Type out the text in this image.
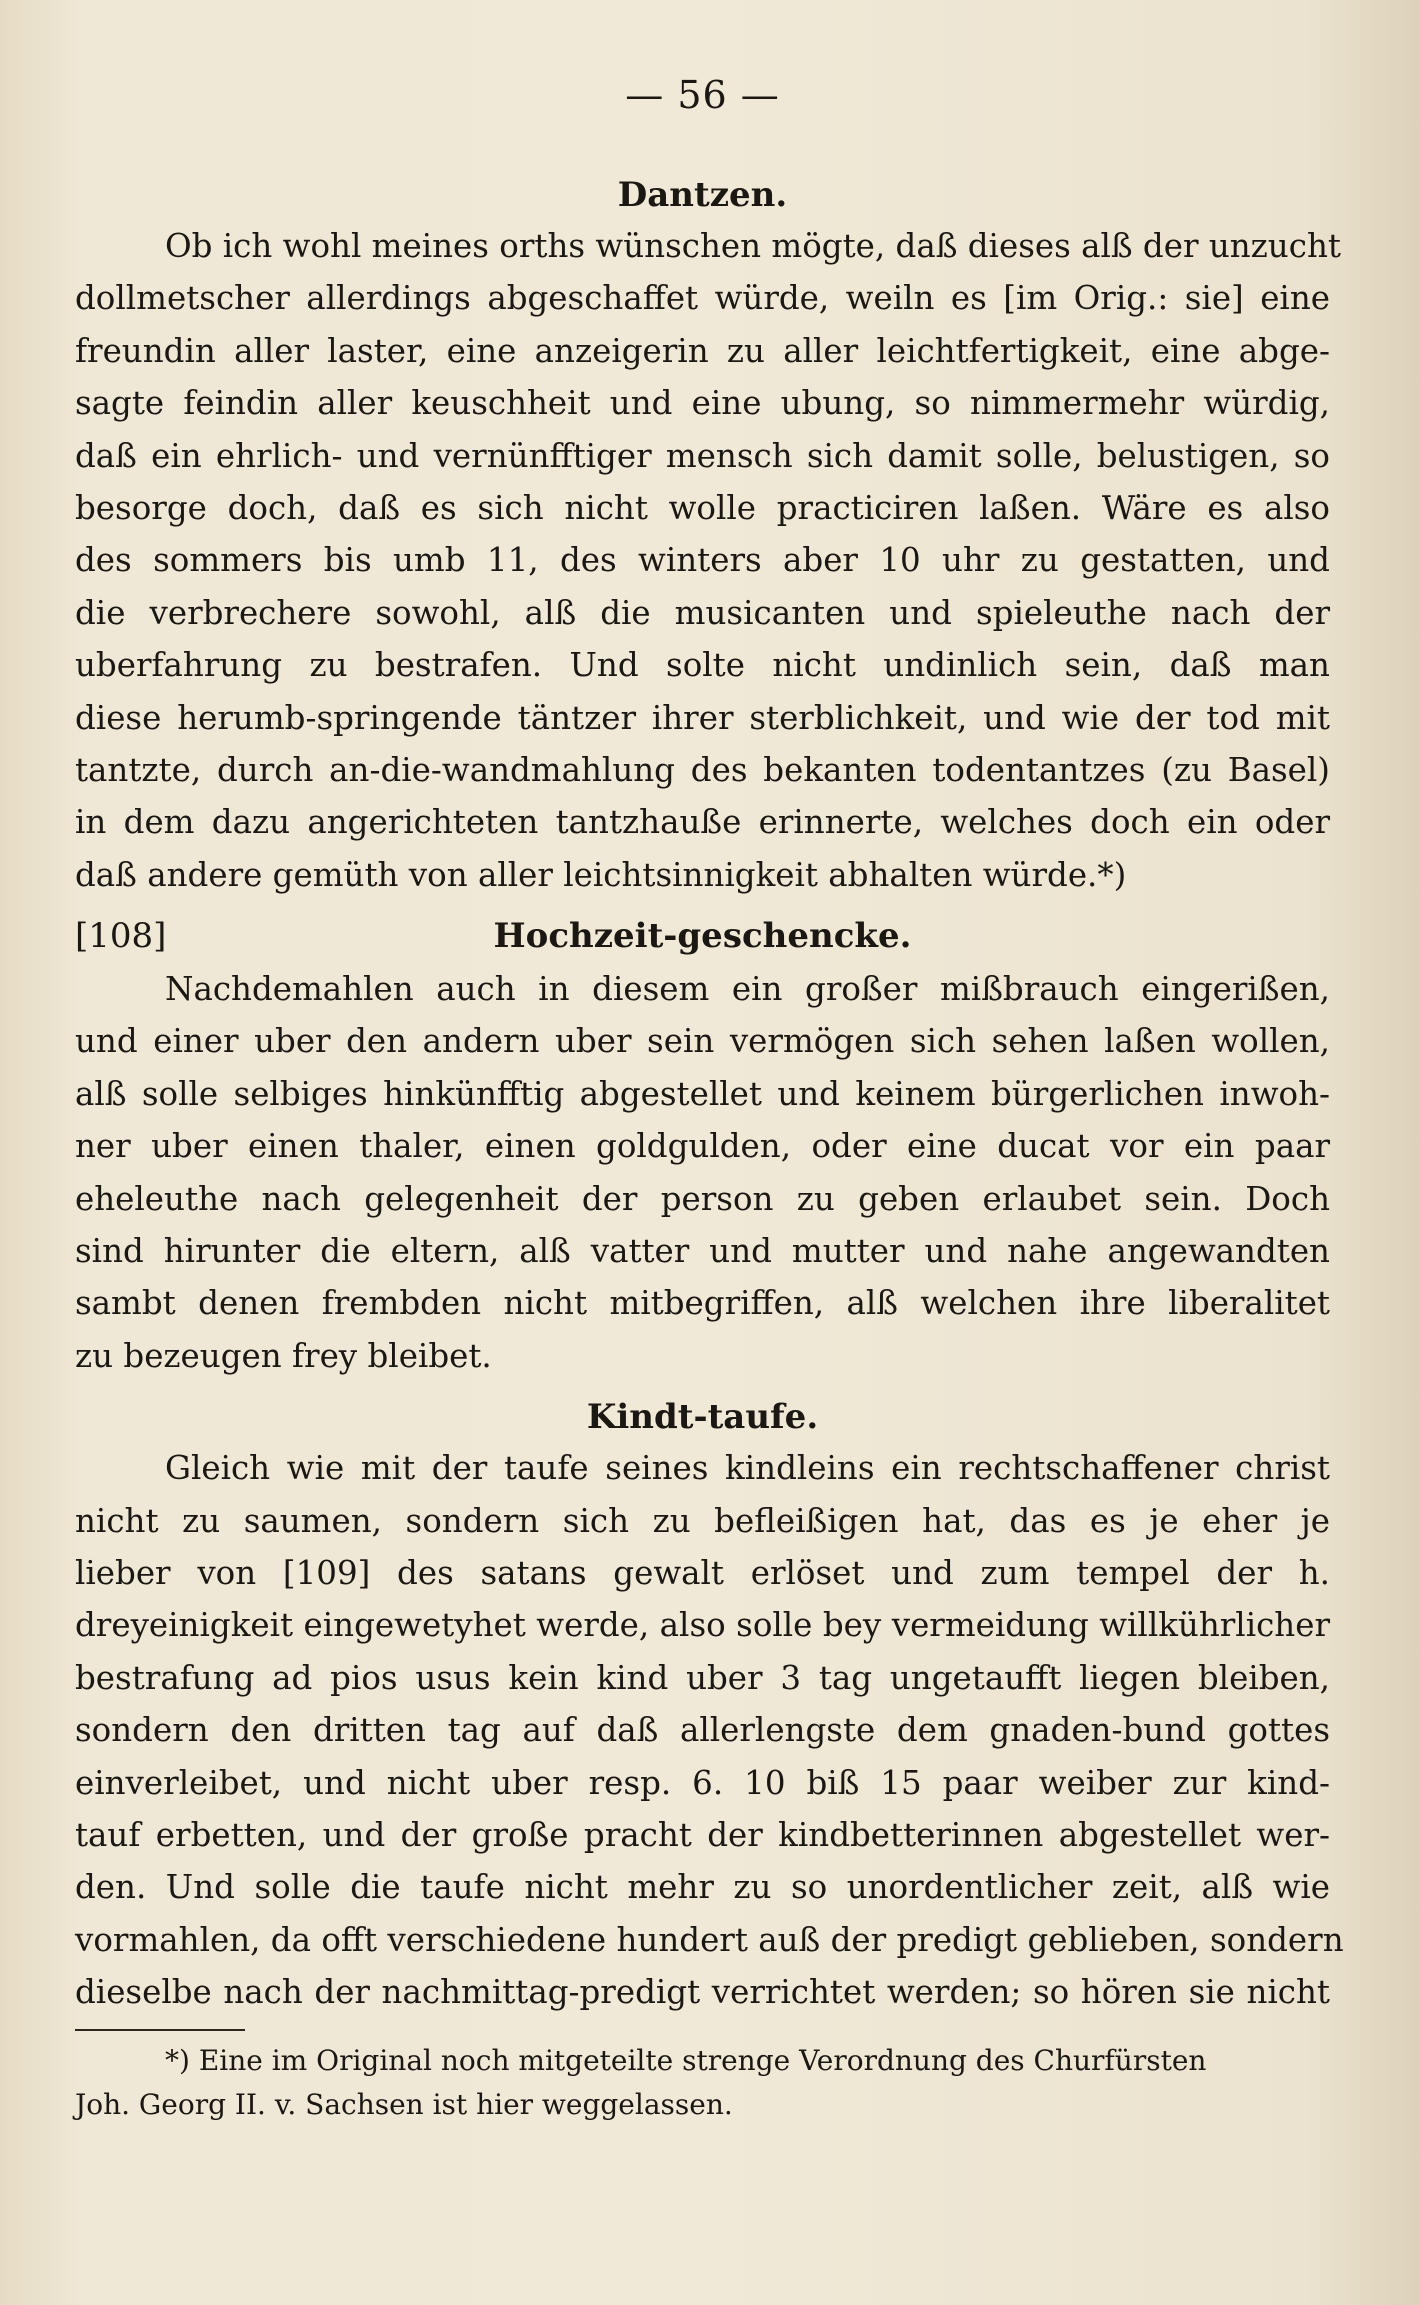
— 56 —
Dantzen.
Ob ich wohl meines orths wünschen mögte, daß dieses alß der unzucht
dollmetscher allerdings abgeschaffet würde, weiln es [im Orig.: sie] eine
freundin aller laster, eine anzeigerin zu aller leichtfertigkeit, eine abge-
sagte feindin aller keuschheit und eine ubung, so nimmermehr würdig,
daß ein ehrlich- und vernünfftiger mensch sich damit solle, belustigen, so
besorge doch, daß es sich nicht wolle practiciren laßen. Wäre es also
des sommers bis umb 11, des winters aber 10 uhr zu gestatten, und
die verbrechere sowohl, alß die musicanten und spieleuthe nach der
uberfahrung zu bestrafen. Und solte nicht undinlich sein, daß man
diese herumb-springende täntzer ihrer sterblichkeit, und wie der tod mit
tantzte, durch an-die-wandmahlung des bekanten todentantzes (zu Basel)
in dem dazu angerichteten tantzhauße erinnerte, welches doch ein oder
daß andere gemüth von aller leichtsinnigkeit abhalten würde.*)
[108]	Hochzeit-geschencke.
Nachdemahlen auch in diesem ein großer mißbrauch eingerißen,
und einer uber den andern uber sein vermögen sich sehen laßen wollen,
alß solle selbiges hinkünfftig abgestellet und keinem bürgerlichen inwoh-
ner uber einen thaler, einen goldgulden, oder eine ducat vor ein paar
eheleuthe nach gelegenheit der person zu geben erlaubet sein. Doch
sind hirunter die eltern, alß vatter und mutter und nahe angewandten
sambt denen frembden nicht mitbegriffen, alß welchen ihre liberalitet
zu bezeugen frey bleibet.
Kindt-taufe.
Gleich wie mit der taufe seines kindleins ein rechtschaffener christ
nicht zu saumen, sondern sich zu befleißigen hat, das es je eher je
lieber von [109] des satans gewalt erlöset und zum tempel der h.
dreyeinigkeit eingewetyhet werde, also solle bey vermeidung willkührlicher
bestrafung ad pios usus kein kind uber 3 tag ungetaufft liegen bleiben,
sondern den dritten tag auf daß allerlengste dem gnaden-bund gottes
einverleibet, und nicht uber resp. 6. 10 biß 15 paar weiber zur kind-
tauf erbetten, und der große pracht der kindbetterinnen abgestellet wer-
den. Und solle die taufe nicht mehr zu so unordentlicher zeit, alß wie
vormahlen, da offt verschiedene hundert auß der predigt geblieben, sondern
dieselbe nach der nachmittag-predigt verrichtet werden; so hören sie nicht
*) Eine im Original noch mitgeteilte strenge Verordnung des Churfürsten
Joh. Georg II. v. Sachsen ist hier weggelassen.
